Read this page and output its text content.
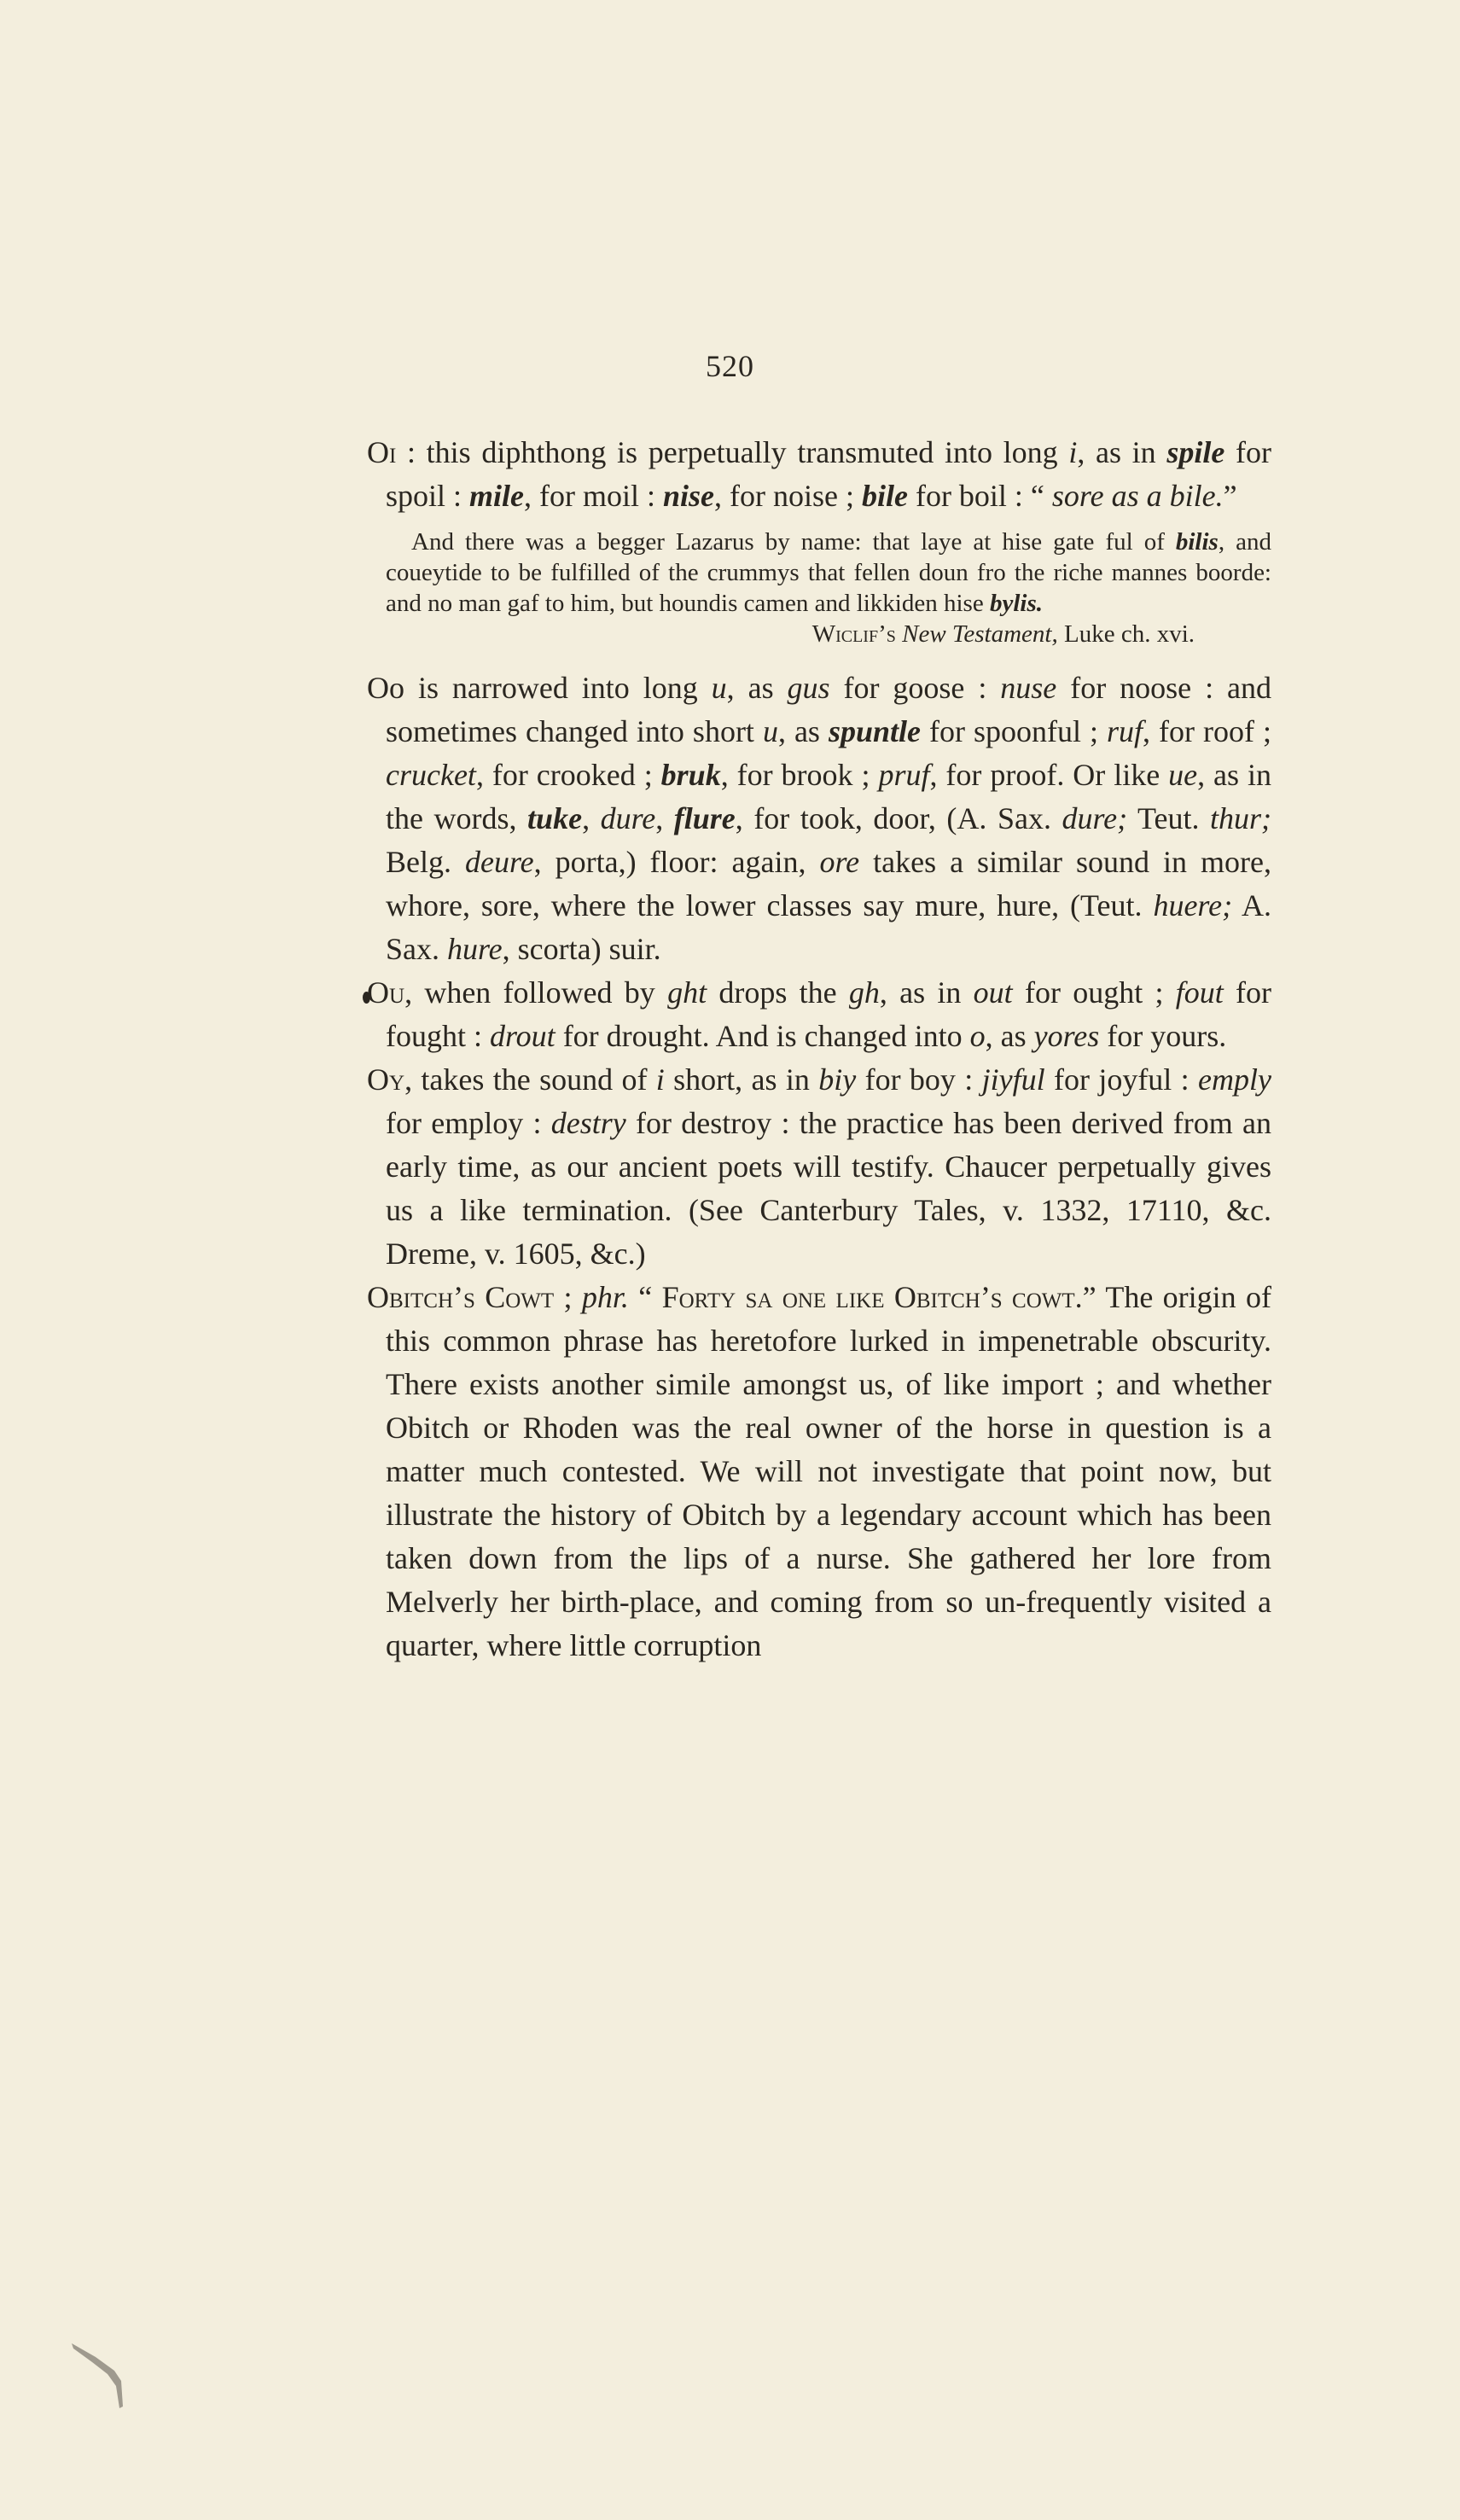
520

Oi : this diphthong is perpetually transmuted into long i, as in spile for spoil : mile, for moil : nise, for noise ; bile for boil : “ sore as a bile.”

And there was a begger Lazarus by name: that laye at hise gate ful of bilis, and coueytide to be fulfilled of the crummys that fellen doun fro the riche mannes boorde: and no man gaf to him, but houndis camen and likkiden hise bylis.
Wiclif’s New Testament, Luke ch. xvi.

Oo is narrowed into long u, as gus for goose : nuse for noose : and sometimes changed into short u, as spuntle for spoonful ; ruf, for roof ; crucket, for crooked ; bruk, for brook ; pruf, for proof. Or like ue, as in the words, tuke, dure, flure, for took, door, (A. Sax. dure; Teut. thur; Belg. deure, porta,) floor: again, ore takes a similar sound in more, whore, sore, where the lower classes say mure, hure, (Teut. huere; A. Sax. hure, scorta) suir.

Ou, when followed by ght drops the gh, as in out for ought ; fout for fought : drout for drought. And is changed into o, as yores for yours.

Oy, takes the sound of i short, as in biy for boy : jiyful for joyful : emply for employ : destry for destroy : the practice has been derived from an early time, as our ancient poets will testify. Chaucer perpetually gives us a like termination. (See Canterbury Tales, v. 1332, 17110, &c. Dreme, v. 1605, &c.)

Obitch’s Cowt ; phr. “ Forty sa one like Obitch’s cowt.” The origin of this common phrase has heretofore lurked in impenetrable obscurity. There exists another simile amongst us, of like import ; and whether Obitch or Rhoden was the real owner of the horse in question is a matter much contested. We will not investigate that point now, but illustrate the history of Obitch by a legendary account which has been taken down from the lips of a nurse. She gathered her lore from Melverly her birth-place, and coming from so un-frequently visited a quarter, where little corruption
